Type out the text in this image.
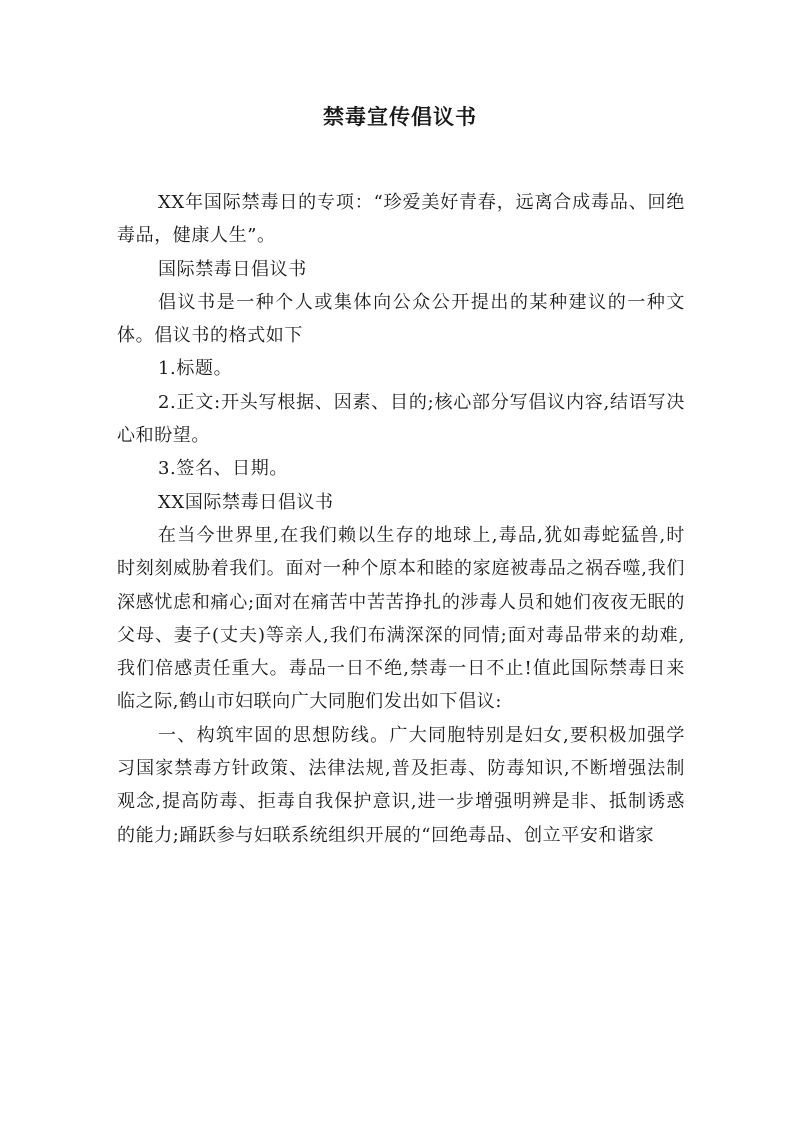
禁毒宣传倡议书

XX年国际禁毒日的专项：“珍爱美好青春，远离合成毒品、回绝毒品，健康人生”。

国际禁毒日倡议书

倡议书是一种个人或集体向公众公开提出的某种建议的一种文体。倡议书的格式如下

1.标题。

2.正文:开头写根据、因素、目的;核心部分写倡议内容,结语写决心和盼望。

3.签名、日期。

XX国际禁毒日倡议书

在当今世界里,在我们赖以生存的地球上,毒品,犹如毒蛇猛兽,时时刻刻威胁着我们。面对一种个原本和睦的家庭被毒品之祸吞噬,我们深感忧虑和痛心;面对在痛苦中苦苦挣扎的涉毒人员和她们夜夜无眠的父母、妻子(丈夫)等亲人,我们布满深深的同情;面对毒品带来的劫难,我们倍感责任重大。毒品一日不绝,禁毒一日不止!值此国际禁毒日来临之际,鹤山市妇联向广大同胞们发出如下倡议:

一、构筑牢固的思想防线。广大同胞特别是妇女,要积极加强学习国家禁毒方针政策、法律法规,普及拒毒、防毒知识,不断增强法制观念,提高防毒、拒毒自我保护意识,进一步增强明辨是非、抵制诱惑的能力;踊跃参与妇联系统组织开展的“回绝毒品、创立平安和谐家
